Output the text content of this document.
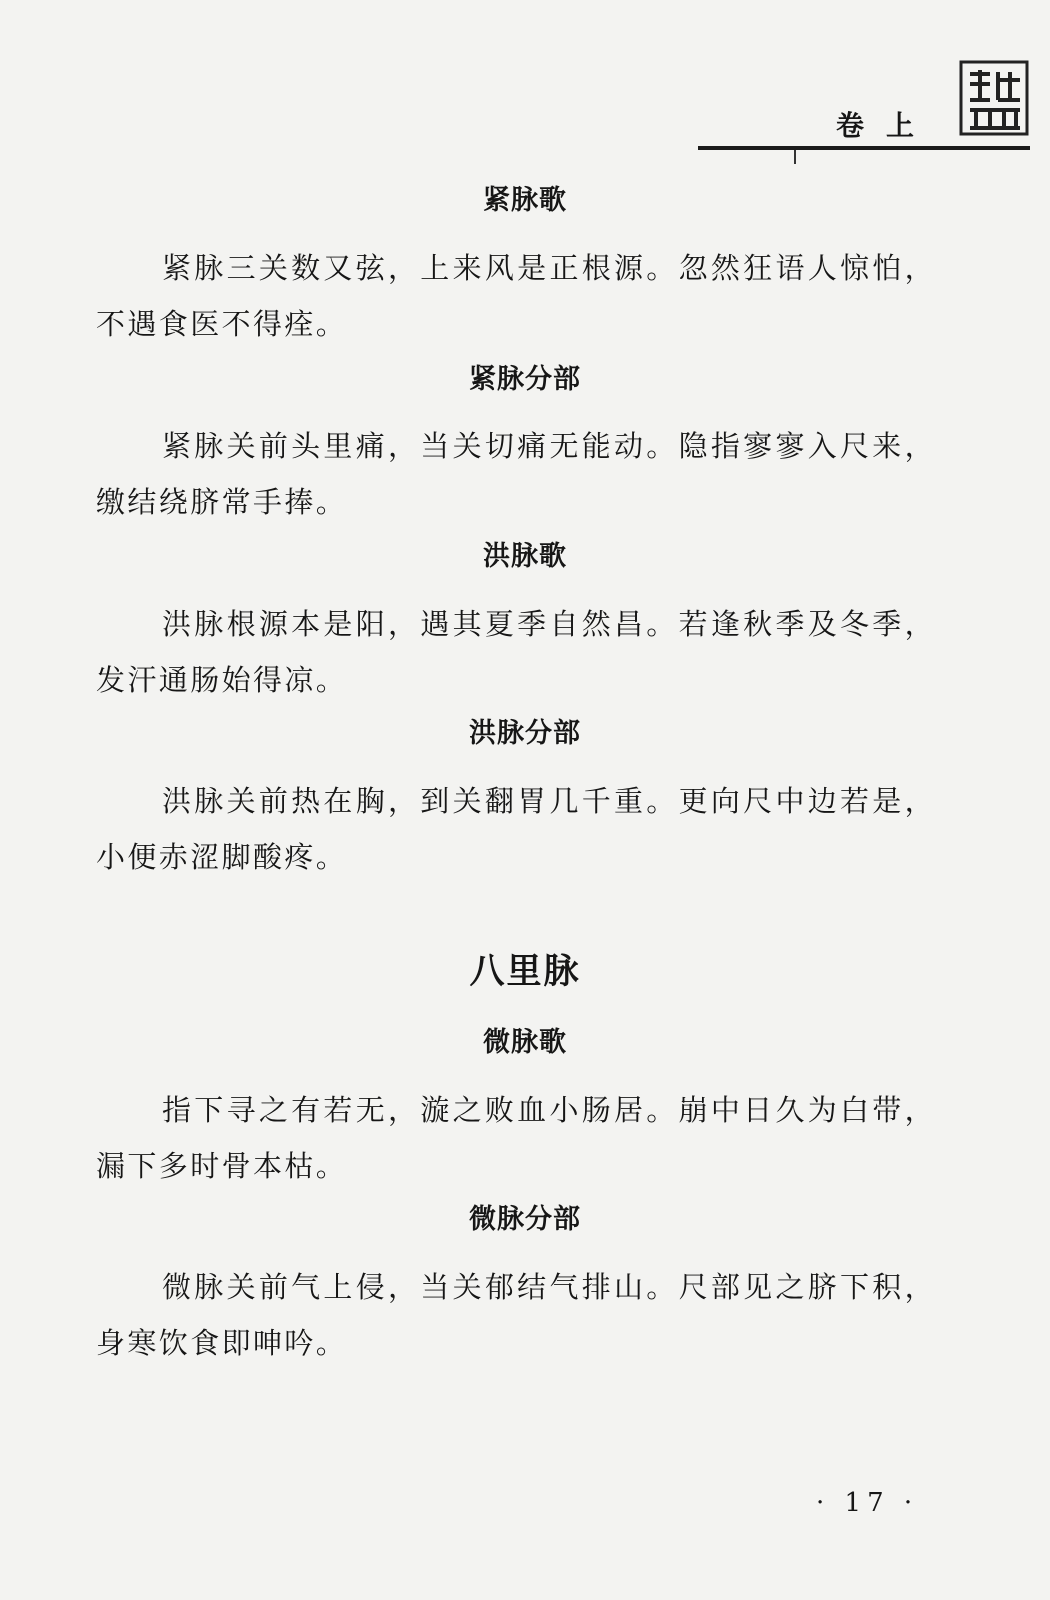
卷上
紧脉歌
紧脉三关数又弦，上来风是正根源。忽然狂语人惊怕，不遇食医不得痊。
紧脉分部
紧脉关前头里痛，当关切痛无能动。隐指寥寥入尺来，缴结绕脐常手捧。
洪脉歌
洪脉根源本是阳，遇其夏季自然昌。若逢秋季及冬季，发汗通肠始得凉。
洪脉分部
洪脉关前热在胸，到关翻胃几千重。更向尺中边若是，小便赤涩脚酸疼。
八里脉
微脉歌
指下寻之有若无，漩之败血小肠居。崩中日久为白带，漏下多时骨本枯。
微脉分部
微脉关前气上侵，当关郁结气排山。尺部见之脐下积，身寒饮食即呻吟。
· 17 ·
